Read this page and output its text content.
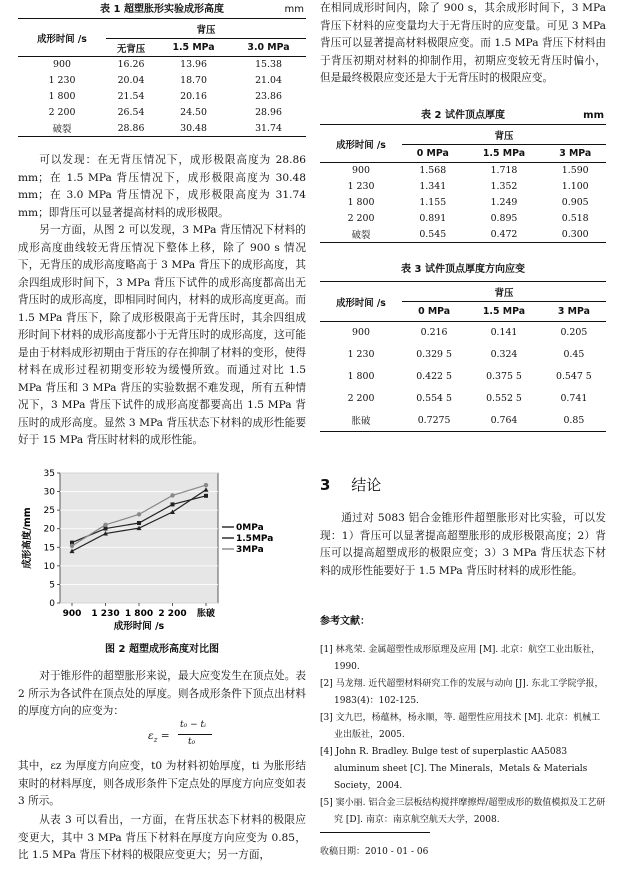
表 1 超塑胀形实验成形高度	mm
成形时间 /s	背压		
	无背压	1.5 MPa	3.0 MPa
900	16.26	13.96	15.38
1 230	20.04	18.70	21.04
1 800	21.54	20.16	23.86
2 200	26.54	24.50	28.96
破裂	28.86	30.48	31.74

可以发现：在无背压情况下，成形极限高度为 28.86 mm；在 1.5 MPa 背压情况下，成形极限高度为 30.48 mm；在 3.0 MPa 背压情况下，成形极限高度为 31.74 mm；即背压可以显著提高材料的成形极限。

另一方面，从图 2 可以发现，3 MPa 背压情况下材料的成形高度曲线较无背压情况下整体上移，除了 900 s 情况下，无背压的成形高度略高于 3 MPa 背压下的成形高度，其余四组成形时间下，3 MPa 背压下试件的成形高度都高出无背压时的成形高度，即相同时间内，材料的成形高度更高。而 1.5 MPa 背压下，除了成形极限高于无背压时，其余四组成形时间下材料的成形高度都小于无背压时的成形高度，这可能是由于材料成形初期由于背压的存在抑制了材料的变形，使得材料在成形过程初期变形较为缓慢所致。而通过对比 1.5 MPa 背压和 3 MPa 背压的实验数据不难发现，所有五种情况下，3 MPa 背压下试件的成形高度都要高出 1.5 MPa 背压时的成形高度。显然 3 MPa 背压状态下材料的成形性能要好于 15 MPa 背压时材料的成形性能。

0
5
10
15
20
25
30
35
900 1 230 1 800 2 200 胀破
成形时间 /s
成形高度/mm	0MPa
1.5MPa
3MPa
图 2 超塑成形高度对比图

对于锥形件的超塑胀形来说，最大应变发生在顶点处。表 2 所示为各试件在顶点处的厚度。则各成形条件下顶点出材料的厚度方向的应变为：

$\varepsilon_z$ =
t₀ − tᵢ
t₀

其中，εz 为厚度方向应变，t0 为材料初始厚度，ti 为胀形结束时的材料厚度，则各成形条件下定点处的厚度方向应变如表 3 所示。

从表 3 可以看出，一方面，在背压状态下材料的极限应变更大，其中 3 MPa 背压下材料在厚度方向应变为 0.85，比 1.5 MPa 背压下材料的极限应变更大；另一方面，

在相同成形时间内，除了 900 s，其余成形时间下，3 MPa 背压下材料的应变量均大于无背压时的应变量。可见 3 MPa 背压可以显著提高材料极限应变。而 1.5 MPa 背压下材料由于背压初期对材料的抑制作用，初期应变较无背压时偏小，但是最终极限应变还是大于无背压时的极限应变。

表 2 试件顶点厚度	mm
成形时间 /s	背压		
	0 MPa	1.5 MPa	3 MPa
900	1.568	1.718	1.590
1 230	1.341	1.352	1.100
1 800	1.155	1.249	0.905
2 200	0.891	0.895	0.518
破裂	0.545	0.472	0.300
表 3 试件顶点厚度方向应变
成形时间 /s	背压		
	0 MPa	1.5 MPa	3 MPa
900	0.216	0.141	0.205
1 230	0.329 5	0.324	0.45
1 800	0.422 5	0.375 5	0.547 5
2 200	0.554 5	0.552 5	0.741
胀破	0.7275	0.764	0.85
3 结论

通过对 5083 铝合金锥形件超塑胀形对比实验，可以发现：1）背压可以显著提高超塑胀形的成形极限高度；2）背压可以提高超塑成形的极限应变；3）3 MPa 背压状态下材料的成形性能要好于 1.5 MPa 背压时材料的成形性能。

参考文献：

[1] 林兆荣. 金属超塑性成形原理及应用 [M]. 北京：航空工业出版社，1990.

[2] 马龙翔. 近代超塑材料研究工作的发展与动向 [J]. 东北工学院学报，1983(4)：102-125.

[3] 文九巴，杨蕴林，杨永顺，等. 超塑性应用技术 [M]. 北京：机械工业出版社，2005.

[4] John R. Bradley. Bulge test of superplastic AA5083 aluminum sheet [C]. The Minerals，Metals & Materials Society，2004.

[5] 窦小丽. 铝合金三层板结构搅拌摩擦焊/超塑成形的数值模拟及工艺研究 [D]. 南京：南京航空航天大学，2008.

收稿日期：2010 - 01 - 06
